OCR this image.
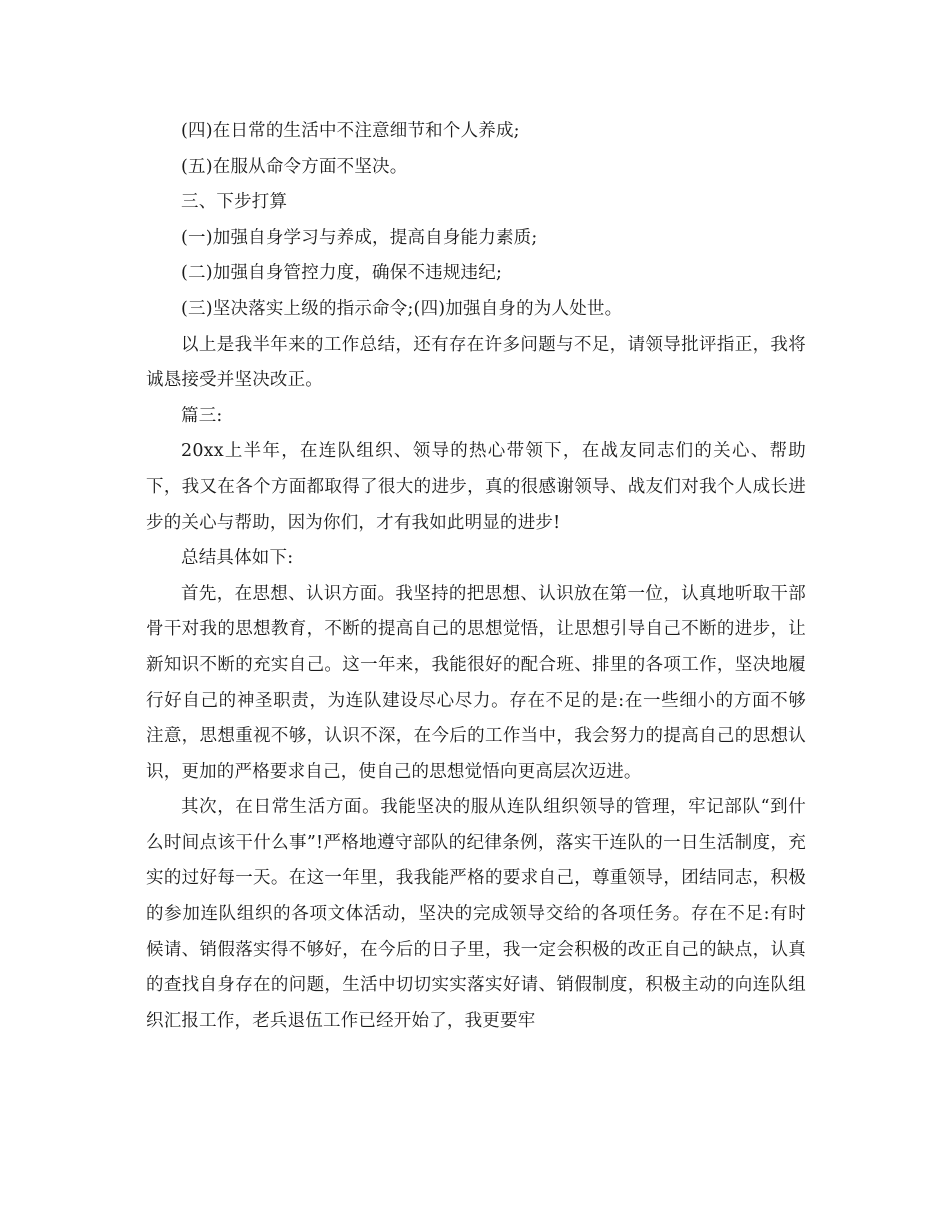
(四)在日常的生活中不注意细节和个人养成;

(五)在服从命令方面不坚决。

三、下步打算

(一)加强自身学习与养成，提高自身能力素质;

(二)加强自身管控力度，确保不违规违纪;

(三)坚决落实上级的指示命令;(四)加强自身的为人处世。

以上是我半年来的工作总结，还有存在许多问题与不足，请领导批评指正，我将诚恳接受并坚决改正。

篇三:

20xx上半年，在连队组织、领导的热心带领下，在战友同志们的关心、帮助下，我又在各个方面都取得了很大的进步，真的很感谢领导、战友们对我个人成长进步的关心与帮助，因为你们，才有我如此明显的进步!

总结具体如下:

首先，在思想、认识方面。我坚持的把思想、认识放在第一位，认真地听取干部骨干对我的思想教育，不断的提高自己的思想觉悟，让思想引导自己不断的进步，让新知识不断的充实自己。这一年来，我能很好的配合班、排里的各项工作，坚决地履行好自己的神圣职责，为连队建设尽心尽力。存在不足的是:在一些细小的方面不够注意，思想重视不够，认识不深，在今后的工作当中，我会努力的提高自己的思想认识，更加的严格要求自己，使自己的思想觉悟向更高层次迈进。

其次，在日常生活方面。我能坚决的服从连队组织领导的管理，牢记部队“到什么时间点该干什么事”!严格地遵守部队的纪律条例，落实干连队的一日生活制度，充实的过好每一天。在这一年里，我我能严格的要求自己，尊重领导，团结同志，积极的参加连队组织的各项文体活动，坚决的完成领导交给的各项任务。存在不足:有时候请、销假落实得不够好，在今后的日子里，我一定会积极的改正自己的缺点，认真的查找自身存在的问题，生活中切切实实落实好请、销假制度，积极主动的向连队组织汇报工作，老兵退伍工作已经开始了，我更要牢
